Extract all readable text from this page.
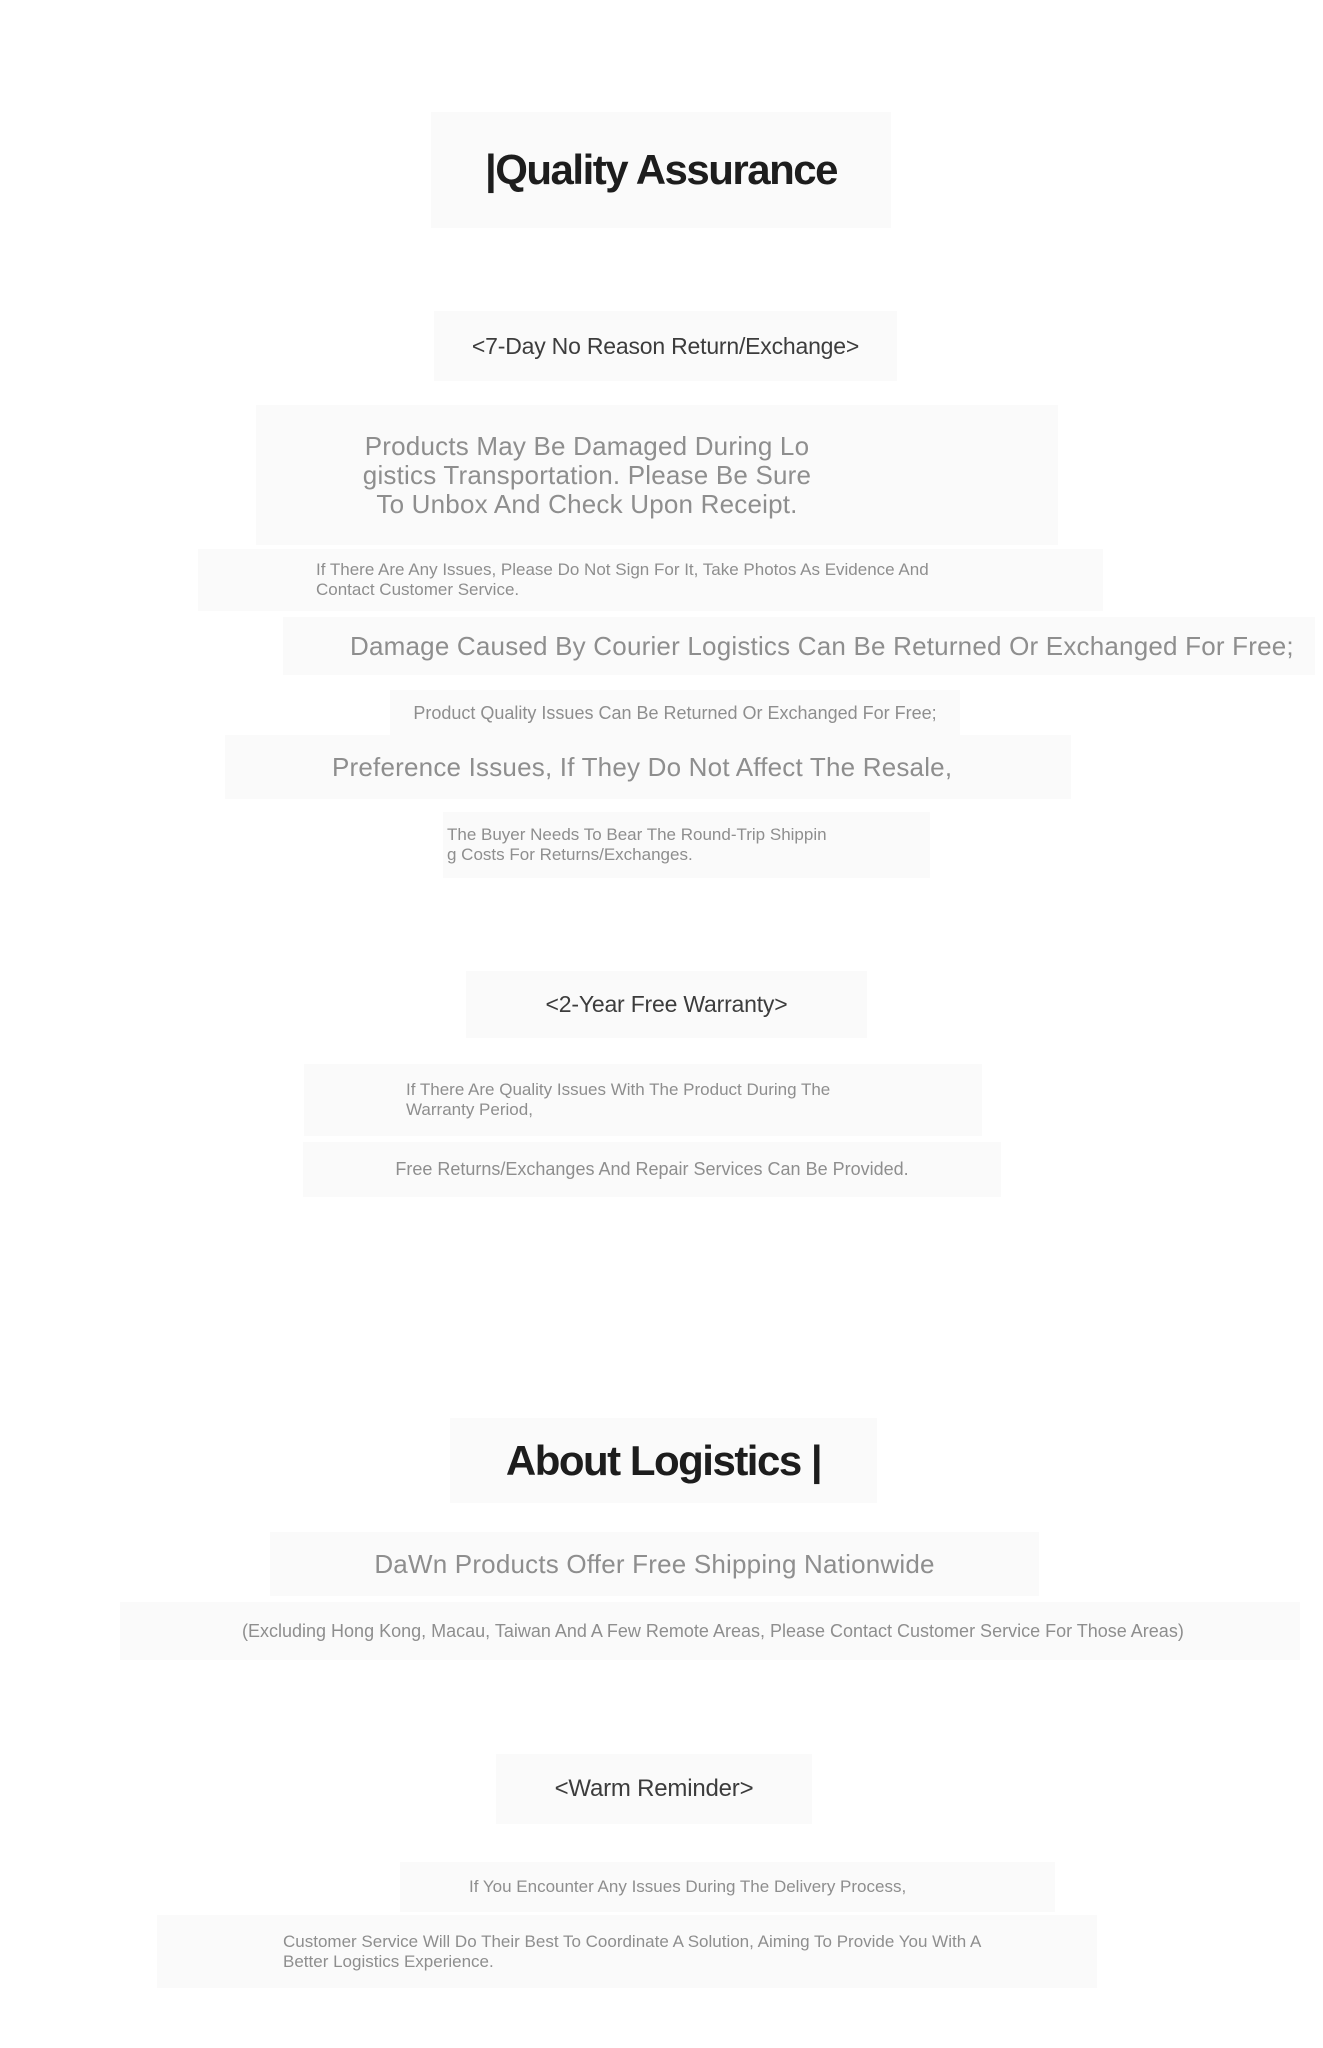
|Quality Assurance
<7-Day No Reason Return/Exchange>
Products May Be Damaged During Lo
gistics Transportation. Please Be Sure
To Unbox And Check Upon Receipt.
If There Are Any Issues, Please Do Not Sign For It, Take Photos As Evidence And
Contact Customer Service.
Damage Caused By Courier Logistics Can Be Returned Or Exchanged For Free;
Product Quality Issues Can Be Returned Or Exchanged For Free;
Preference Issues, If They Do Not Affect The Resale,
The Buyer Needs To Bear The Round-Trip Shippin
g Costs For Returns/Exchanges.
<2-Year Free Warranty>
If There Are Quality Issues With The Product During The
Warranty Period,
Free Returns/Exchanges And Repair Services Can Be Provided.
About Logistics |
DaWn Products Offer Free Shipping Nationwide
(Excluding Hong Kong, Macau, Taiwan And A Few Remote Areas, Please Contact Customer Service For Those Areas)
<Warm Reminder>
If You Encounter Any Issues During The Delivery Process,
Customer Service Will Do Their Best To Coordinate A Solution, Aiming To Provide You With A
Better Logistics Experience.
